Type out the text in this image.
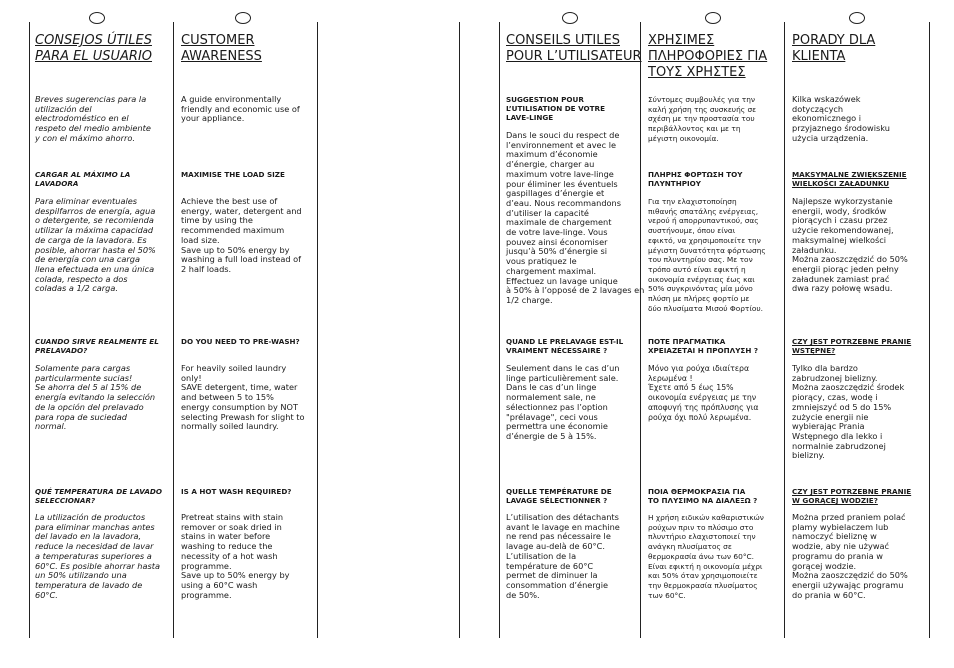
CONSEJOS ÚTILES
PARA EL USUARIO
Breves sugerencias para la
utilización del
electrodoméstico en el
respeto del medio ambiente
y con el máximo ahorro.
CARGAR AL MÁXIMO LA
LAVADORA
Para eliminar eventuales
despilfarros de energía, agua
o detergente, se recomienda
utilizar la máxima capacidad
de carga de la lavadora. Es
posible, ahorrar hasta el 50%
de energía con una carga
llena efectuada en una única
colada, respecto a dos
coladas a 1/2 carga.
CUANDO SIRVE REALMENTE EL
PRELAVADO?
Solamente para cargas
particularmente sucias!
Se ahorra del 5 al 15% de
energía evitando la selección
de la opción del prelavado
para ropa de suciedad
normal.
QUÉ TEMPERATURA DE LAVADO
SELECCIONAR?
La utilización de productos
para eliminar manchas antes
del lavado en la lavadora,
reduce la necesidad de lavar
a temperaturas superiores a
60°C. Es posible ahorrar hasta
un 50% utilizando una
temperatura de lavado de
60°C.
CUSTOMER
AWARENESS
A guide environmentally
friendly and economic use of
your appliance.
MAXIMISE THE LOAD SIZE
Achieve the best use of
energy, water, detergent and
time by using the
recommended maximum
load size.
Save up to 50% energy by
washing a full load instead of
2 half loads.
DO YOU NEED TO PRE-WASH?
For heavily soiled laundry
only!
SAVE detergent, time, water
and between 5 to 15%
energy consumption by NOT
selecting Prewash for slight to
normally soiled laundry.
IS A HOT WASH REQUIRED?
Pretreat stains with stain
remover or soak dried in
stains in water before
washing to reduce the
necessity of a hot wash
programme.
Save up to 50% energy by
using a 60°C wash
programme.
CONSEILS UTILES
POUR L’UTILISATEUR
SUGGESTION POUR
L’UTILISATION DE VOTRE
LAVE-LINGE
Dans le souci du respect de
l’environnement et avec le
maximum d’économie
d’énergie, charger au
maximum votre lave-linge
pour éliminer les éventuels
gaspillages d’énergie et
d’eau. Nous recommandons
d’utiliser la capacité
maximale de chargement
de votre lave-linge. Vous
pouvez ainsi économiser
jusqu’à 50% d’énergie si
vous pratiquez le
chargement maximal.
Effectuez un lavage unique
à 50% à l’opposé de 2 lavages en
1/2 charge.
QUAND LE PRELAVAGE EST-IL
VRAIMENT NÉCESSAIRE ?
Seulement dans le cas d’un
linge particulièrement sale.
Dans le cas d’un linge
normalement sale, ne
sélectionnez pas l’option
"prélavage", ceci vous
permettra une économie
d’énergie de 5 à 15%.
QUELLE TEMPÉRATURE DE
LAVAGE SÉLECTIONNER ?
L’utilisation des détachants
avant le lavage en machine
ne rend pas nécessaire le
lavage au-delà de 60°C.
L’utilisation de la
température de 60°C
permet de diminuer la
consommation d’énergie
de 50%.
ΧΡΗΣΙΜΕΣ
ΠΛΗΡΟΦΟΡΙΕΣ ΓΙΑ
ΤΟΥΣ ΧΡΗΣΤΕΣ
Σύντομες συμβουλές για την
καλή χρήση της συσκευής σε
σχέση με την προστασία του
περιβάλλοντος και με τη
μέγιστη οικονομία.
ΠΛΗΡΗΣ ΦΟΡΤΩΣΗ ΤΟΥ
ΠΛΥΝΤΗΡΙΟΥ
Για την ελαχιστοποίηση
πιθανής σπατάλης ενέργειας,
νερού ή απορρυπαντικού, σας
συστήνουμε, όπου είναι
εφικτό, να χρησιμοποιείτε την
μέγιστη δυνατότητα φόρτωσης
του πλυντηρίου σας. Με τον
τρόπο αυτό είναι εφικτή η
οικονομία ενέργειας έως και
50% συγκρινόντας μία μόνο
πλύση με πλήρες φορτίο με
δύο πλυσίματα Μισού Φορτίου.
ΠΟΤΕ ΠΡΑΓΜΑΤΙΚΑ
ΧΡΕΙΑΖΕΤΑΙ Η ΠΡΟΠΛΥΣΗ ?
Μόνο για ρούχα ιδιαίτερα
λερωμένα !
Έχετε από 5 έως 15%
οικονομία ενέργειας με την
αποφυγή της πρόπλυσης για
ρούχα όχι πολύ λερωμένα.
ΠΟΙΑ ΘΕΡΜΟΚΡΑΣΙΑ ΓΙΑ
ΤΟ ΠΛΥΣΙΜΟ ΝΑ ΔΙΑΛΕΞΩ ?
Η χρήση ειδικών καθαριστικών
ρούχων πριν το πλύσιμο στο
πλυντήριο ελαχιστοποιεί την
ανάγκη πλυσίματος σε
θερμοκρασία άνω των 60°C.
Είναι εφικτή η οικονομία μέχρι
και 50% όταν χρησιμοποιείτε
την θερμοκρασία πλυσίματος
των 60°C.
PORADY DLA
KLIENTA
Kilka wskazówek
dotyczących
ekonomicznego i
przyjaznego środowisku
użycia urządzenia.
MAKSYMALNE ZWIĘKSZENIE
WIELKOŚCI ZAŁADUNKU
Najlepsze wykorzystanie
energii, wody, środków
piorących i czasu przez
użycie rekomendowanej,
maksymalnej wielkości
załadunku.
Można zaoszczędzić do 50%
energii piorąc jeden pełny
załadunek zamiast prać
dwa razy połowę wsadu.
CZY JEST POTRZEBNE PRANIE
WSTĘPNE?
Tylko dla bardzo
zabrudzonej bielizny.
Można zaoszczędzić środek
piorący, czas, wodę i
zmniejszyć od 5 do 15%
zużycie energii nie
wybierając Prania
Wstępnego dla lekko i
normalnie zabrudzonej
bielizny.
CZY JEST POTRZEBNE PRANIE
W GORĄCEJ WODZIE?
Można przed praniem polać
plamy wybielaczem lub
namoczyć bieliznę w
wodzie, aby nie używać
programu do prania w
gorącej wodzie.
Można zaoszczędzić do 50%
energii używając programu
do prania w 60°C.
